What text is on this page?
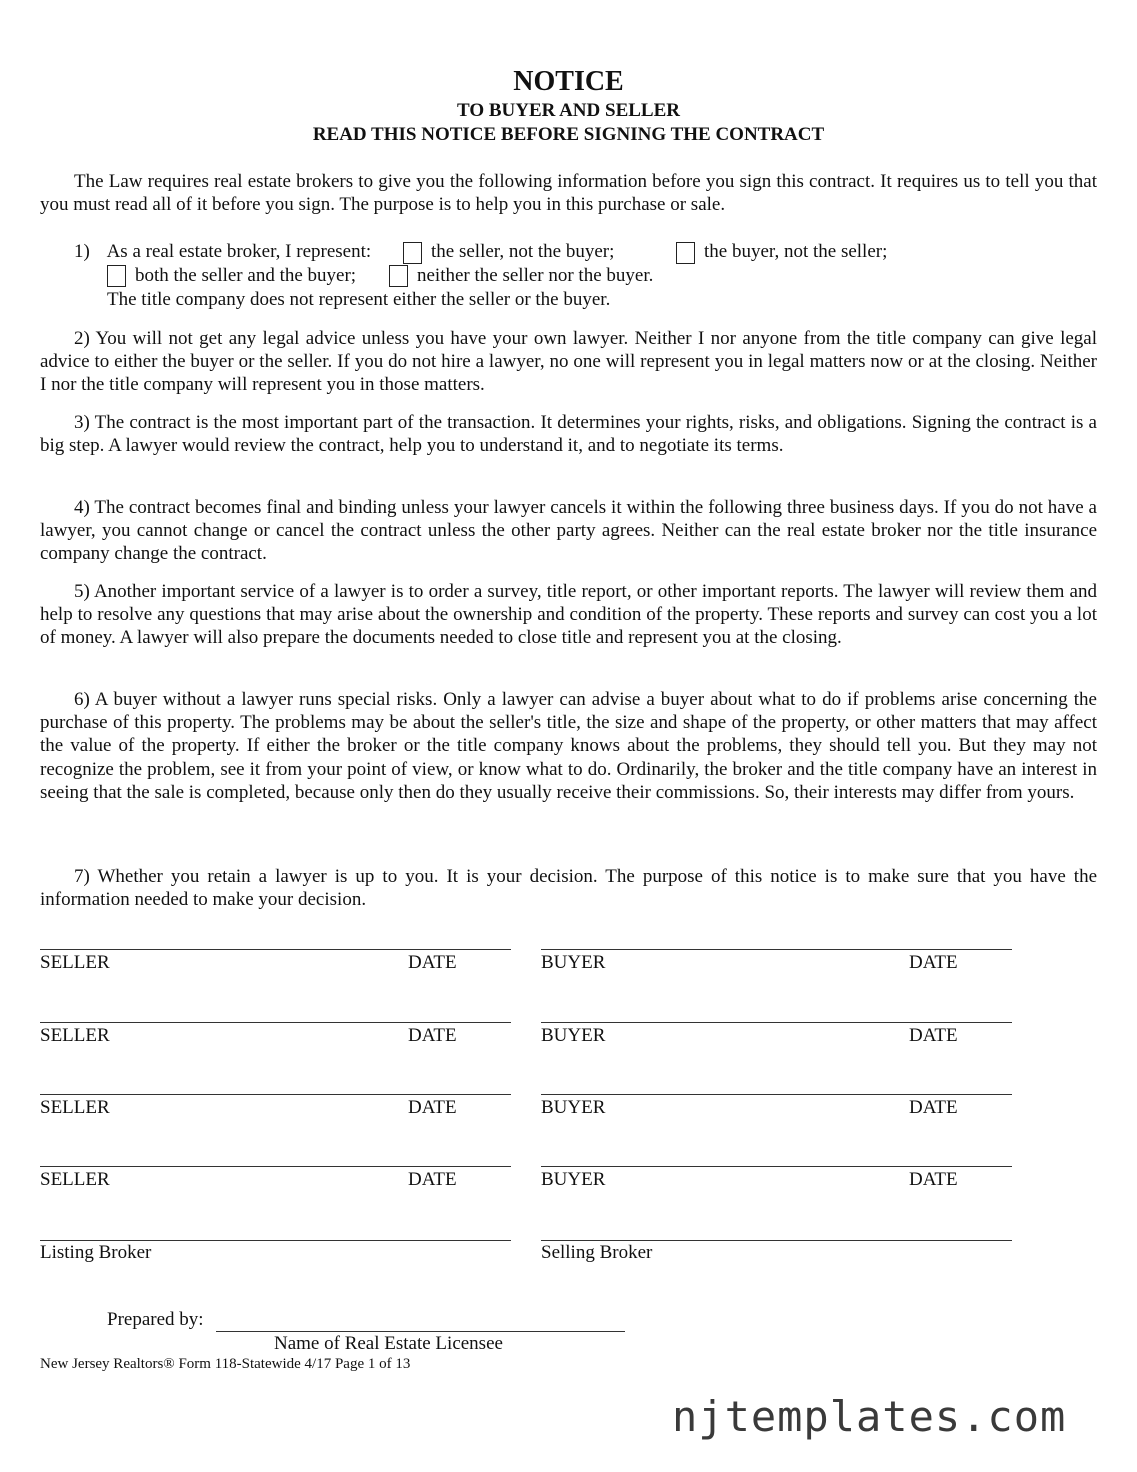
NOTICE
TO BUYER AND SELLER
READ THIS NOTICE BEFORE SIGNING THE CONTRACT
The Law requires real estate brokers to give you the following information before you sign this contract. It requires us to tell you that you must read all of it before you sign. The purpose is to help you in this purchase or sale.
1) As a real estate broker, I represent:	the seller, not the buyer;	the buyer, not the seller;
both the seller and the buyer;	neither the seller nor the buyer.
The title company does not represent either the seller or the buyer.
2) You will not get any legal advice unless you have your own lawyer. Neither I nor anyone from the title company can give legal advice to either the buyer or the seller. If you do not hire a lawyer, no one will represent you in legal matters now or at the closing. Neither I nor the title company will represent you in those matters.
3) The contract is the most important part of the transaction. It determines your rights, risks, and obligations. Signing the contract is a big step. A lawyer would review the contract, help you to understand it, and to negotiate its terms.
4) The contract becomes final and binding unless your lawyer cancels it within the following three business days. If you do not have a lawyer, you cannot change or cancel the contract unless the other party agrees. Neither can the real estate broker nor the title insurance company change the contract.
5) Another important service of a lawyer is to order a survey, title report, or other important reports. The lawyer will review them and help to resolve any questions that may arise about the ownership and condition of the property. These reports and survey can cost you a lot of money. A lawyer will also prepare the documents needed to close title and represent you at the closing.
6) A buyer without a lawyer runs special risks. Only a lawyer can advise a buyer about what to do if problems arise concerning the purchase of this property. The problems may be about the seller's title, the size and shape of the property, or other matters that may affect the value of the property. If either the broker or the title company knows about the problems, they should tell you. But they may not recognize the problem, see it from your point of view, or know what to do. Ordinarily, the broker and the title company have an interest in seeing that the sale is completed, because only then do they usually receive their commissions. So, their interests may differ from yours.
7) Whether you retain a lawyer is up to you. It is your decision. The purpose of this notice is to make sure that you have the information needed to make your decision.
SELLER	DATE	BUYER	DATE
SELLER	DATE	BUYER	DATE
SELLER	DATE	BUYER	DATE
SELLER	DATE	BUYER	DATE
Listing Broker	Selling Broker
Prepared by:
Name of Real Estate Licensee
New Jersey Realtors® Form 118-Statewide 4/17 Page 1 of 13
njtemplates.com
